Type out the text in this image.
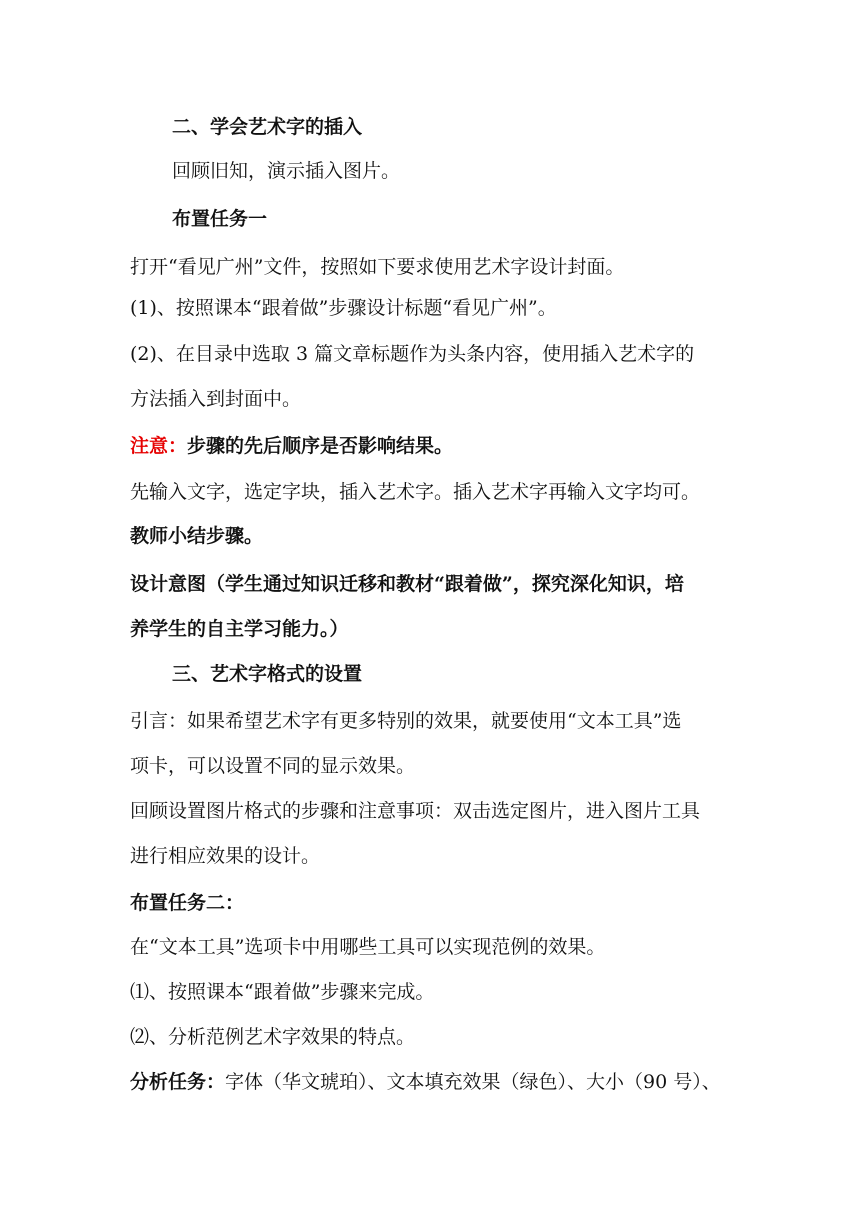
二、学会艺术字的插入
回顾旧知，演示插入图片。
布置任务一
打开“看见广州”文件，按照如下要求使用艺术字设计封面。
(1)、按照课本“跟着做”步骤设计标题“看见广州”。
(2)、在目录中选取 3 篇文章标题作为头条内容，使用插入艺术字的
方法插入到封面中。
注意：步骤的先后顺序是否影响结果。
先输入文字，选定字块，插入艺术字。插入艺术字再输入文字均可。
教师小结步骤。
设计意图（学生通过知识迁移和教材“跟着做”，探究深化知识，培
养学生的自主学习能力。）
三、艺术字格式的设置
引言：如果希望艺术字有更多特别的效果，就要使用“文本工具”选
项卡，可以设置不同的显示效果。
回顾设置图片格式的步骤和注意事项：双击选定图片，进入图片工具
进行相应效果的设计。
布置任务二：
在“文本工具”选项卡中用哪些工具可以实现范例的效果。
⑴、按照课本“跟着做”步骤来完成。
⑵、分析范例艺术字效果的特点。
分析任务：字体（华文琥珀）、文本填充效果（绿色）、大小（90 号）、
